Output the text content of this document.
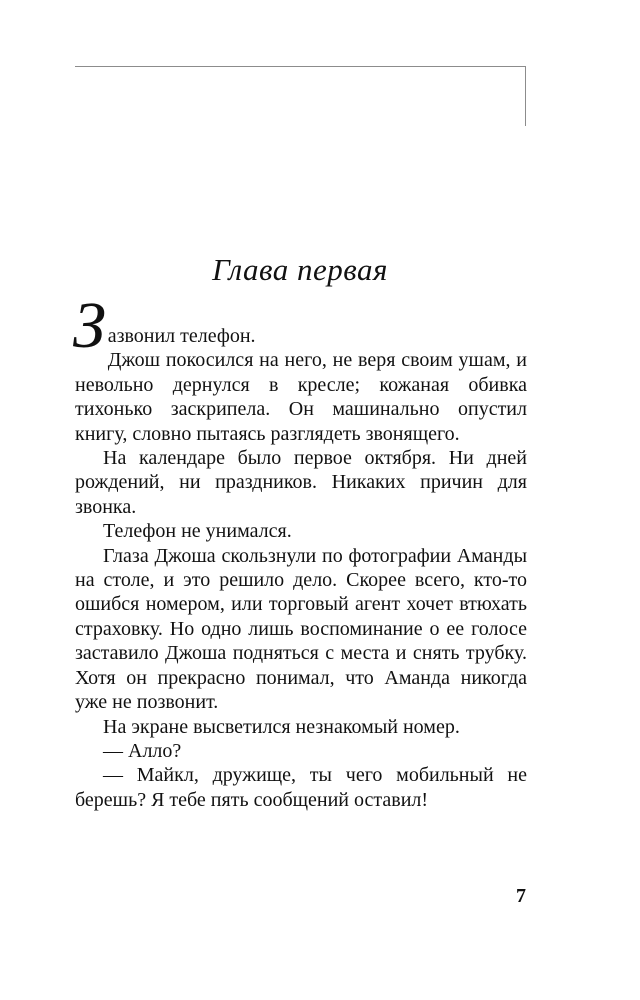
Глава первая

З азвонил телефон.

Джош покосился на него, не веря своим ушам, и невольно дернулся в кресле; кожаная обивка тихонько заскрипела. Он машинально опустил книгу, словно пытаясь разглядеть звонящего.

На календаре было первое октября. Ни дней рождений, ни праздников. Никаких причин для звонка.

Телефон не унимался.

Глаза Джоша скользнули по фотографии Аманды на столе, и это решило дело. Скорее всего, кто-то ошибся номером, или торговый агент хочет втюхать страховку. Но одно лишь воспоминание о ее голосе заставило Джоша подняться с места и снять трубку. Хотя он прекрасно понимал, что Аманда никогда уже не позвонит.

На экране высветился незнакомый номер.

— Алло?

— Майкл, дружище, ты чего мобильный не берешь? Я тебе пять сообщений оставил!

7
